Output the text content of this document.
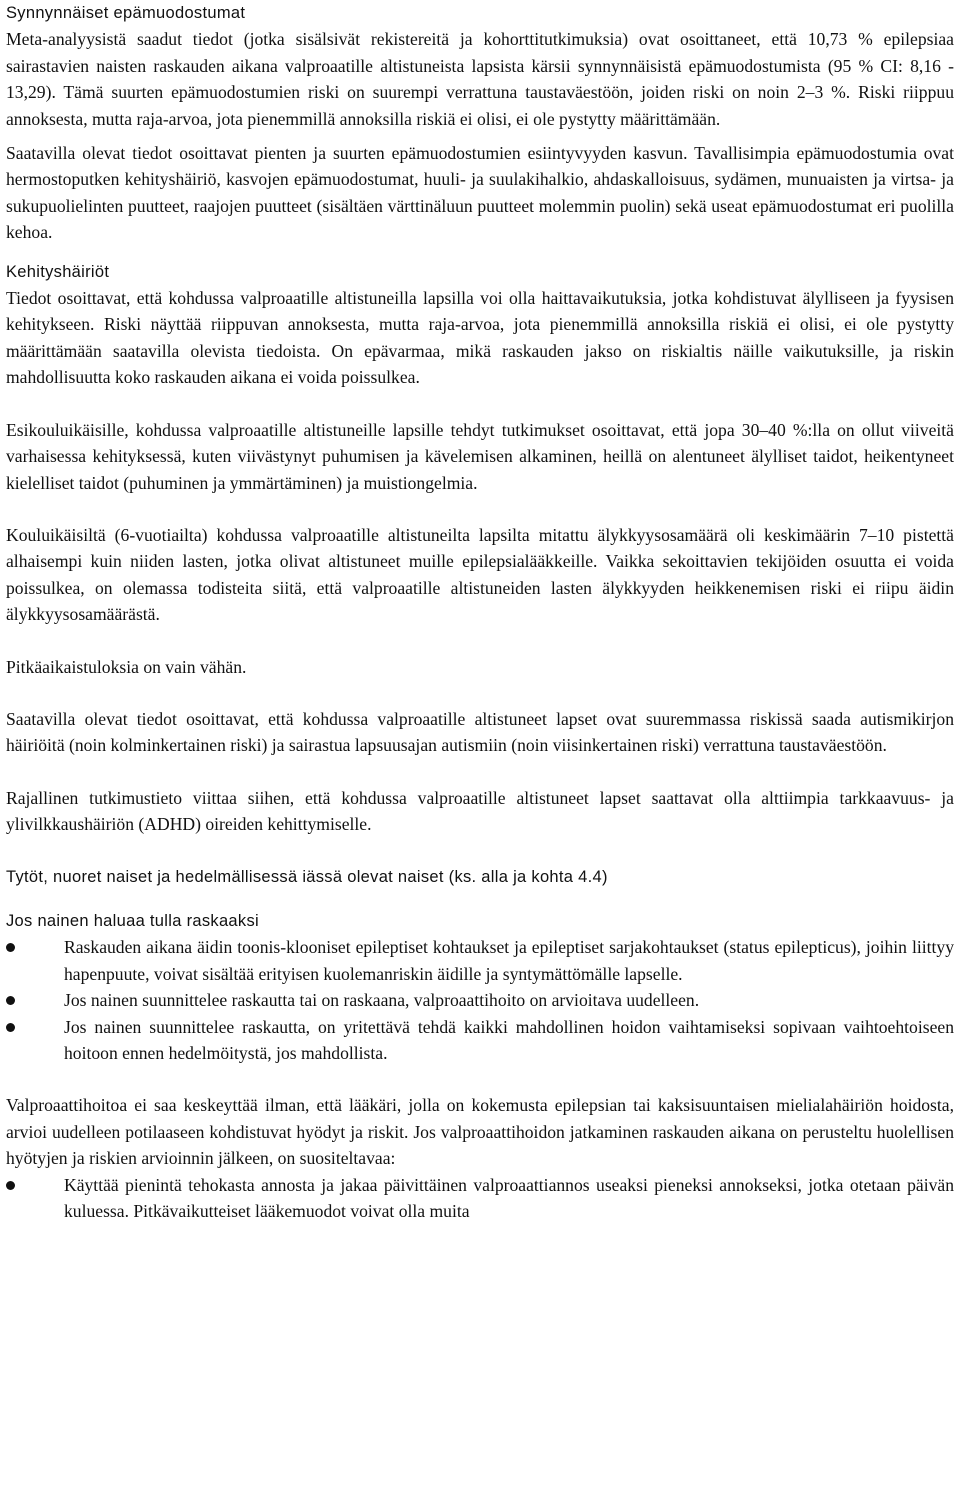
Synnynnäiset epämuodostumat

Meta-analyysistä saadut tiedot (jotka sisälsivät rekistereitä ja kohorttitutkimuksia) ovat osoittaneet, että 10,73 % epilepsiaa sairastavien naisten raskauden aikana valproaatille altistuneista lapsista kärsii synnynnäisistä epämuodostumista (95 % CI: 8,16 - 13,29). Tämä suurten epämuodostumien riski on suurempi verrattuna taustaväestöön, joiden riski on noin 2–3 %. Riski riippuu annoksesta, mutta raja-arvoa, jota pienemmillä annoksilla riskiä ei olisi, ei ole pystytty määrittämään.

Saatavilla olevat tiedot osoittavat pienten ja suurten epämuodostumien esiintyvyyden kasvun. Tavallisimpia epämuodostumia ovat hermostoputken kehityshäiriö, kasvojen epämuodostumat, huuli- ja suulakihalkio, ahdaskalloisuus, sydämen, munuaisten ja virtsa- ja sukupuolielinten puutteet, raajojen puutteet (sisältäen värttinäluun puutteet molemmin puolin) sekä useat epämuodostumat eri puolilla kehoa.

Kehityshäiriöt

Tiedot osoittavat, että kohdussa valproaatille altistuneilla lapsilla voi olla haittavaikutuksia, jotka kohdistuvat älylliseen ja fyysisen kehitykseen. Riski näyttää riippuvan annoksesta, mutta raja-arvoa, jota pienemmillä annoksilla riskiä ei olisi, ei ole pystytty määrittämään saatavilla olevista tiedoista. On epävarmaa, mikä raskauden jakso on riskialtis näille vaikutuksille, ja riskin mahdollisuutta koko raskauden aikana ei voida poissulkea.

Esikouluikäisille, kohdussa valproaatille altistuneille lapsille tehdyt tutkimukset osoittavat, että jopa 30–40 %:lla on ollut viiveitä varhaisessa kehityksessä, kuten viivästynyt puhumisen ja kävelemisen alkaminen, heillä on alentuneet älylliset taidot, heikentyneet kielelliset taidot (puhuminen ja ymmärtäminen) ja muistiongelmia.

Kouluikäisiltä (6-vuotiailta) kohdussa valproaatille altistuneilta lapsilta mitattu älykkyysosamäärä oli keskimäärin 7–10 pistettä alhaisempi kuin niiden lasten, jotka olivat altistuneet muille epilepsialääkkeille. Vaikka sekoittavien tekijöiden osuutta ei voida poissulkea, on olemassa todisteita siitä, että valproaatille altistuneiden lasten älykkyyden heikkenemisen riski ei riipu äidin älykkyysosamäärästä.

Pitkäaikaistuloksia on vain vähän.

Saatavilla olevat tiedot osoittavat, että kohdussa valproaatille altistuneet lapset ovat suuremmassa riskissä saada autismikirjon häiriöitä (noin kolminkertainen riski) ja sairastua lapsuusajan autismiin (noin viisinkertainen riski) verrattuna taustaväestöön.

Rajallinen tutkimustieto viittaa siihen, että kohdussa valproaatille altistuneet lapset saattavat olla alttiimpia tarkkaavuus- ja ylivilkkaushäiriön (ADHD) oireiden kehittymiselle.

Tytöt, nuoret naiset ja hedelmällisessä iässä olevat naiset (ks. alla ja kohta 4.4)

Jos nainen haluaa tulla raskaaksi

Raskauden aikana äidin toonis-klooniset epileptiset kohtaukset ja epileptiset sarjakohtaukset (status epilepticus), joihin liittyy hapenpuute, voivat sisältää erityisen kuolemanriskin äidille ja syntymättömälle lapselle.
Jos nainen suunnittelee raskautta tai on raskaana, valproaattihoito on arvioitava uudelleen.
Jos nainen suunnittelee raskautta, on yritettävä tehdä kaikki mahdollinen hoidon vaihtamiseksi sopivaan vaihtoehtoiseen hoitoon ennen hedelmöitystä, jos mahdollista.

Valproaattihoitoa ei saa keskeyttää ilman, että lääkäri, jolla on kokemusta epilepsian tai kaksisuuntaisen mielialahäiriön hoidosta, arvioi uudelleen potilaaseen kohdistuvat hyödyt ja riskit. Jos valproaattihoidon jatkaminen raskauden aikana on perusteltu huolellisen hyötyjen ja riskien arvioinnin jälkeen, on suositeltavaa:

Käyttää pienintä tehokasta annosta ja jakaa päivittäinen valproaattiannos useaksi pieneksi annokseksi, jotka otetaan päivän kuluessa. Pitkävaikutteiset lääkemuodot voivat olla muita
